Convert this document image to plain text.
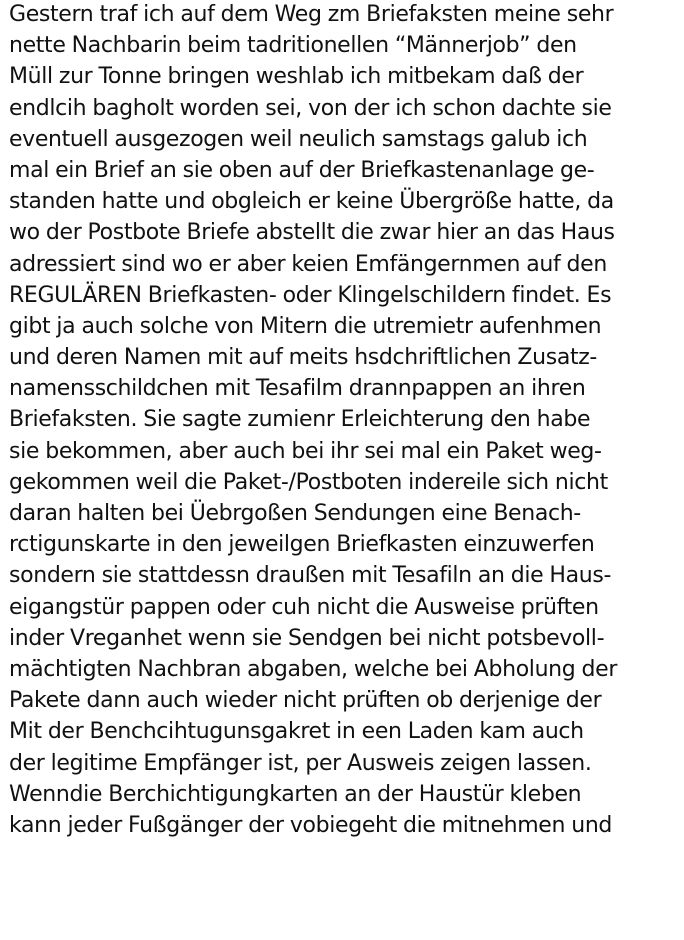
Gestern traf ich auf dem Weg zm Briefaksten meine sehr
nette Nachbarin beim tadritionellen “Männerjob” den
Müll zur Tonne bringen weshlab ich mitbekam daß der
endlcih bagholt worden sei, von der ich schon dachte sie
eventuell ausgezogen weil neulich samstags galub ich
mal ein Brief an sie oben auf der Briefkastenanlage ge-
standen hatte und obgleich er keine Übergröße hatte, da
wo der Postbote Briefe abstellt die zwar hier an das Haus
adressiert sind wo er aber keien Emfängernmen auf den
REGULÄREN Briefkasten- oder Klingelschildern findet. Es
gibt ja auch solche von Mitern die utremietr aufenhmen
und deren Namen mit auf meits hsdchriftlichen Zusatz-
namensschildchen mit Tesafilm drannpappen an ihren
Briefaksten. Sie sagte zumienr Erleichterung den habe
sie bekommen, aber auch bei ihr sei mal ein Paket weg-
gekommen weil die Paket-/Postboten indereile sich nicht
daran halten bei Üebrgoßen Sendungen eine Benach-
rctigunskarte in den jeweilgen Briefkasten einzuwerfen
sondern sie stattdessn draußen mit Tesafiln an die Haus-
eigangstür pappen oder cuh nicht die Ausweise prüften
inder Vreganhet wenn sie Sendgen bei nicht potsbevoll-
mächtigten Nachbran abgaben, welche bei Abholung der
Pakete dann auch wieder nicht prüften ob derjenige der
Mit der Benchcihtugunsgakret in een Laden kam auch
der legitime Empfänger ist, per Ausweis zeigen lassen.
Wenndie Berchichtigungkarten an der Haustür kleben
kann jeder Fußgänger der vobiegeht die mitnehmen und
